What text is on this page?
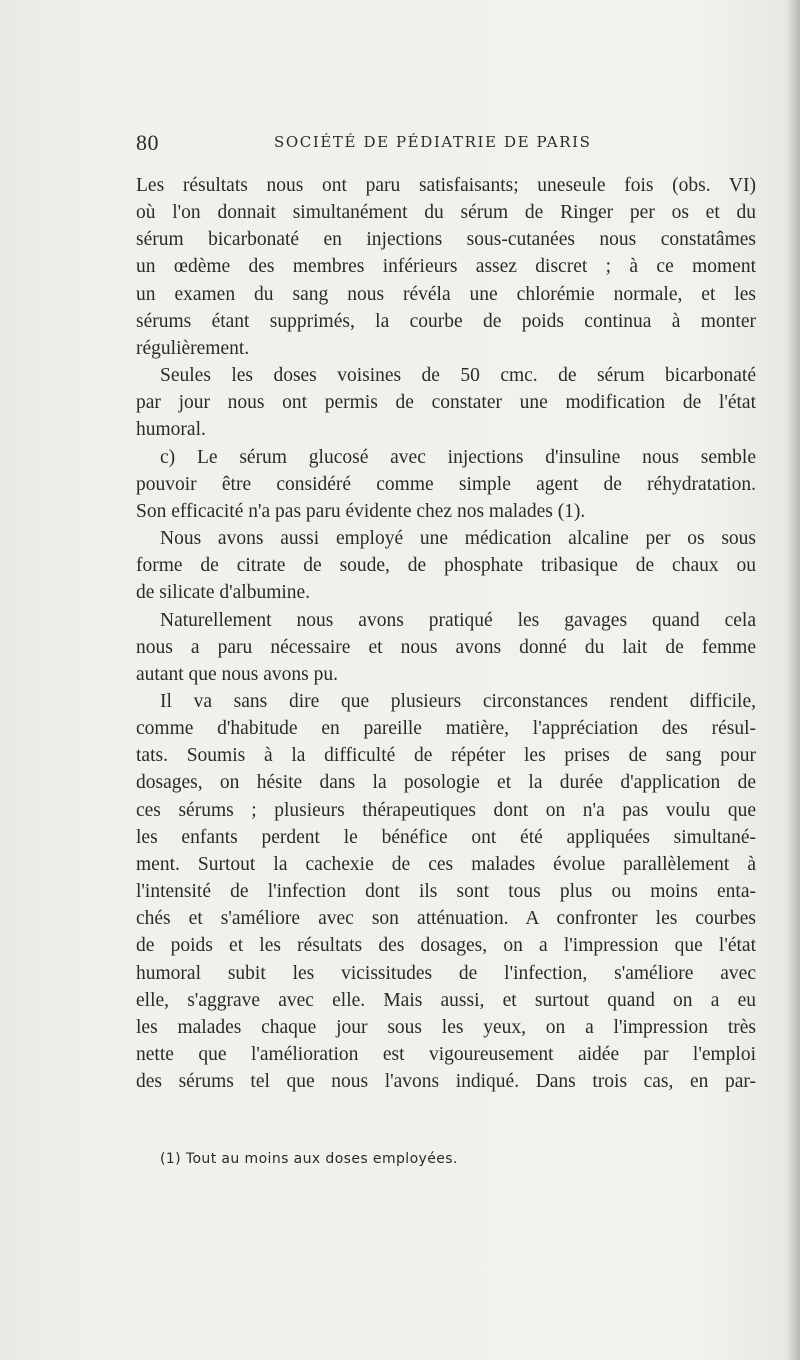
80	SOCIÉTÉ DE PÉDIATRIE DE PARIS
Les résultats nous ont paru satisfaisants; uneseule fois (obs. VI)
où l'on donnait simultanément du sérum de Ringer per os et du
sérum bicarbonaté en injections sous-cutanées nous constatâmes
un œdème des membres inférieurs assez discret ; à ce moment
un examen du sang nous révéla une chlorémie normale, et les
sérums étant supprimés, la courbe de poids continua à monter
régulièrement.
Seules les doses voisines de 50 cmc. de sérum bicarbonaté
par jour nous ont permis de constater une modification de l'état
humoral.
c) Le sérum glucosé avec injections d'insuline nous semble
pouvoir être considéré comme simple agent de réhydratation.
Son efficacité n'a pas paru évidente chez nos malades (1).
Nous avons aussi employé une médication alcaline per os sous
forme de citrate de soude, de phosphate tribasique de chaux ou
de silicate d'albumine.
Naturellement nous avons pratiqué les gavages quand cela
nous a paru nécessaire et nous avons donné du lait de femme
autant que nous avons pu.
Il va sans dire que plusieurs circonstances rendent difficile,
comme d'habitude en pareille matière, l'appréciation des résul-
tats. Soumis à la difficulté de répéter les prises de sang pour
dosages, on hésite dans la posologie et la durée d'application de
ces sérums ; plusieurs thérapeutiques dont on n'a pas voulu que
les enfants perdent le bénéfice ont été appliquées simultané-
ment. Surtout la cachexie de ces malades évolue parallèlement à
l'intensité de l'infection dont ils sont tous plus ou moins enta-
chés et s'améliore avec son atténuation. A confronter les courbes
de poids et les résultats des dosages, on a l'impression que l'état
humoral subit les vicissitudes de l'infection, s'améliore avec
elle, s'aggrave avec elle. Mais aussi, et surtout quand on a eu
les malades chaque jour sous les yeux, on a l'impression très
nette que l'amélioration est vigoureusement aidée par l'emploi
des sérums tel que nous l'avons indiqué. Dans trois cas, en par-
(1) Tout au moins aux doses employées.
